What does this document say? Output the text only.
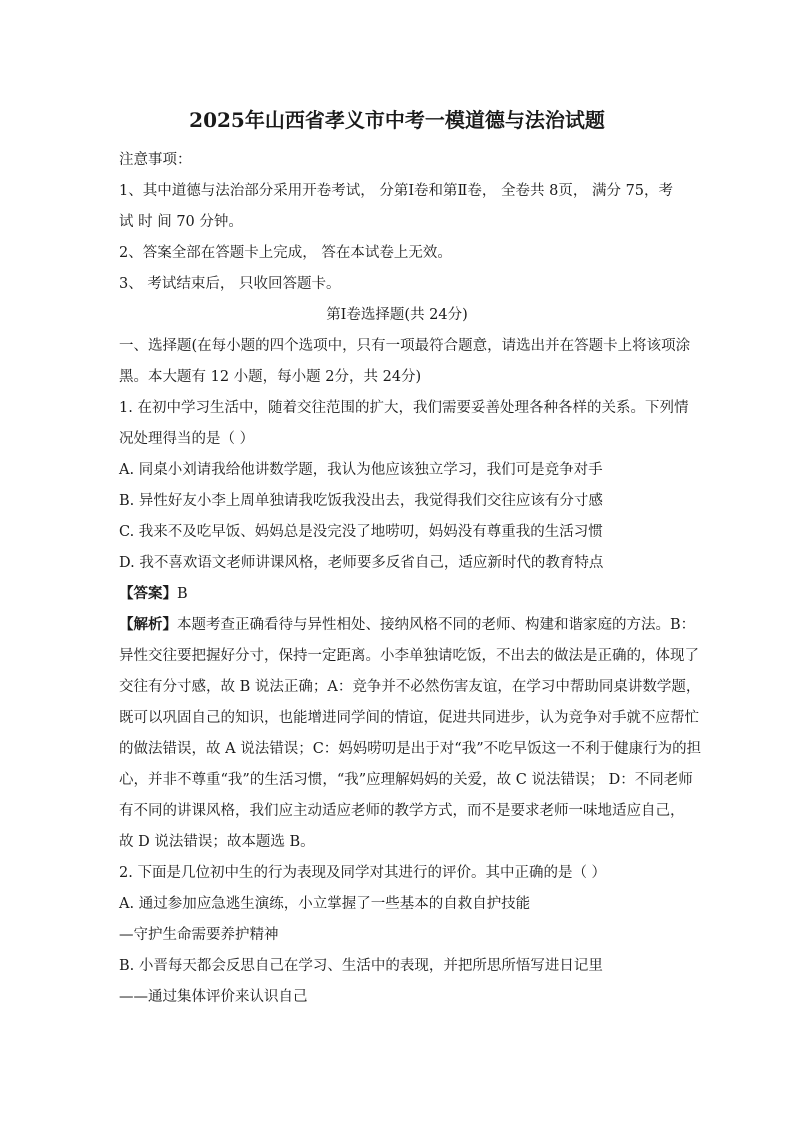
2025年山西省孝义市中考一模道德与法治试题
注意事项：
1、其中道德与法治部分采用开卷考试， 分第Ⅰ卷和第Ⅱ卷， 全卷共 8页， 满分 75，考
试 时 间 70 分钟。
2、答案全部在答题卡上完成， 答在本试卷上无效。
3、 考试结束后， 只收回答题卡。
第Ⅰ卷选择题(共 24分)
一、选择题(在每小题的四个选项中，只有一项最符合题意，请选出并在答题卡上将该项涂
黑。本大题有 12 小题，每小题 2分，共 24分)
1. 在初中学习生活中，随着交往范围的扩大，我们需要妥善处理各种各样的关系。下列情
况处理得当的是（ ）
A. 同桌小刘请我给他讲数学题，我认为他应该独立学习，我们可是竞争对手
B. 异性好友小李上周单独请我吃饭我没出去，我觉得我们交往应该有分寸感
C. 我来不及吃早饭、妈妈总是没完没了地唠叨，妈妈没有尊重我的生活习惯
D. 我不喜欢语文老师讲课风格，老师要多反省自己，适应新时代的教育特点
【答案】B
【解析】本题考查正确看待与异性相处、接纳风格不同的老师、构建和谐家庭的方法。B：
异性交往要把握好分寸，保持一定距离。小李单独请吃饭，不出去的做法是正确的，体现了
交往有分寸感，故 B 说法正确；A：竞争并不必然伤害友谊，在学习中帮助同桌讲数学题，
既可以巩固自己的知识，也能增进同学间的情谊，促进共同进步，认为竞争对手就不应帮忙
的做法错误，故 A 说法错误；C：妈妈唠叨是出于对“我”不吃早饭这一不利于健康行为的担
心，并非不尊重“我”的生活习惯，“我”应理解妈妈的关爱，故 C 说法错误； D：不同老师
有不同的讲课风格，我们应主动适应老师的教学方式，而不是要求老师一味地适应自己，
故 D 说法错误；故本题选 B。
2. 下面是几位初中生的行为表现及同学对其进行的评价。其中正确的是（ ）
A. 通过参加应急逃生演练，小立掌握了一些基本的自救自护技能
—守护生命需要养护精神
B. 小晋每天都会反思自己在学习、生活中的表现，并把所思所悟写进日记里
——通过集体评价来认识自己
